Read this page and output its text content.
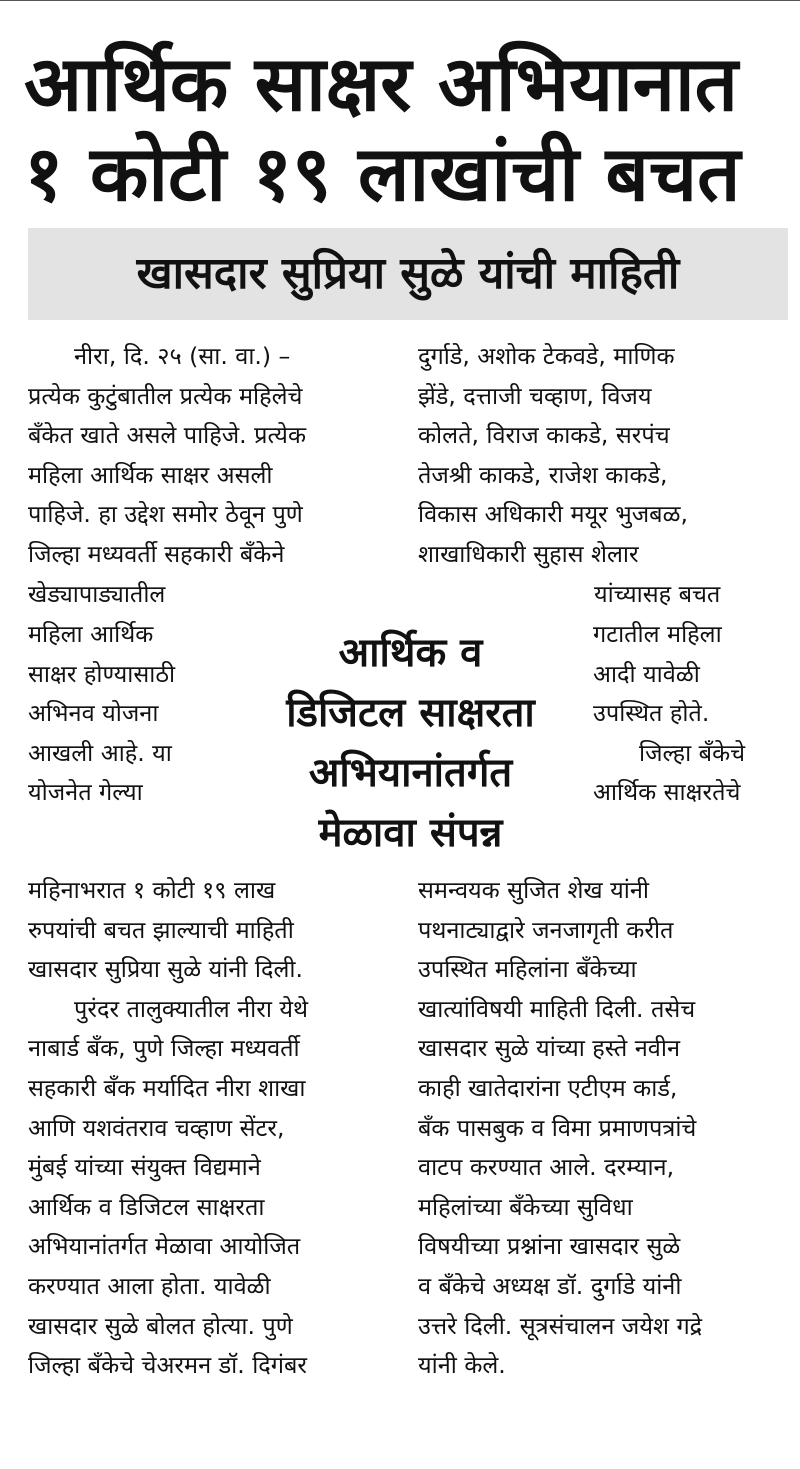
आर्थिक साक्षर अभियानात
१ कोटी १९ लाखांची बचत
खासदार सुप्रिया सुळे यांची माहिती
नीरा, दि. २५ (सा. वा.) –
प्रत्येक कुटुंबातील प्रत्येक महिलेचे
बँकेत खाते असले पाहिजे. प्रत्येक
महिला आर्थिक साक्षर असली
पाहिजे. हा उद्देश समोर ठेवून पुणे
जिल्हा मध्यवर्ती सहकारी बँकेने
खेड्यापाड्यातील
महिला आर्थिक
साक्षर होण्यासाठी
अभिनव योजना
आखली आहे. या
योजनेत गेल्या
आर्थिक व
डिजिटल साक्षरता
अभियानांतर्गत
मेळावा संपन्न
महिनाभरात १ कोटी १९ लाख
रुपयांची बचत झाल्याची माहिती
खासदार सुप्रिया सुळे यांनी दिली.
पुरंदर तालुक्यातील नीरा येथे
नाबार्ड बँक, पुणे जिल्हा मध्यवर्ती
सहकारी बँक मर्यादित नीरा शाखा
आणि यशवंतराव चव्हाण सेंटर,
मुंबई यांच्या संयुक्त विद्यमाने
आर्थिक व डिजिटल साक्षरता
अभियानांतर्गत मेळावा आयोजित
करण्यात आला होता. यावेळी
खासदार सुळे बोलत होत्या. पुणे
जिल्हा बँकेचे चेअरमन डॉ. दिगंबर
दुर्गाडे, अशोक टेकवडे, माणिक
झेंडे, दत्ताजी चव्हाण, विजय
कोलते, विराज काकडे, सरपंच
तेजश्री काकडे, राजेश काकडे,
विकास अधिकारी मयूर भुजबळ,
शाखाधिकारी सुहास शेलार
यांच्यासह बचत
गटातील महिला
आदी यावेळी
उपस्थित होते.
जिल्हा बँकेचे
आर्थिक साक्षरतेचे
समन्वयक सुजित शेख यांनी
पथनाट्याद्वारे जनजागृती करीत
उपस्थित महिलांना बँकेच्या
खात्यांविषयी माहिती दिली. तसेच
खासदार सुळे यांच्या हस्ते नवीन
काही खातेदारांना एटीएम कार्ड,
बँक पासबुक व विमा प्रमाणपत्रांचे
वाटप करण्यात आले. दरम्यान,
महिलांच्या बँकेच्या सुविधा
विषयीच्या प्रश्नांना खासदार सुळे
व बँकेचे अध्यक्ष डॉ. दुर्गाडे यांनी
उत्तरे दिली. सूत्रसंचालन जयेश गद्रे
यांनी केले.
